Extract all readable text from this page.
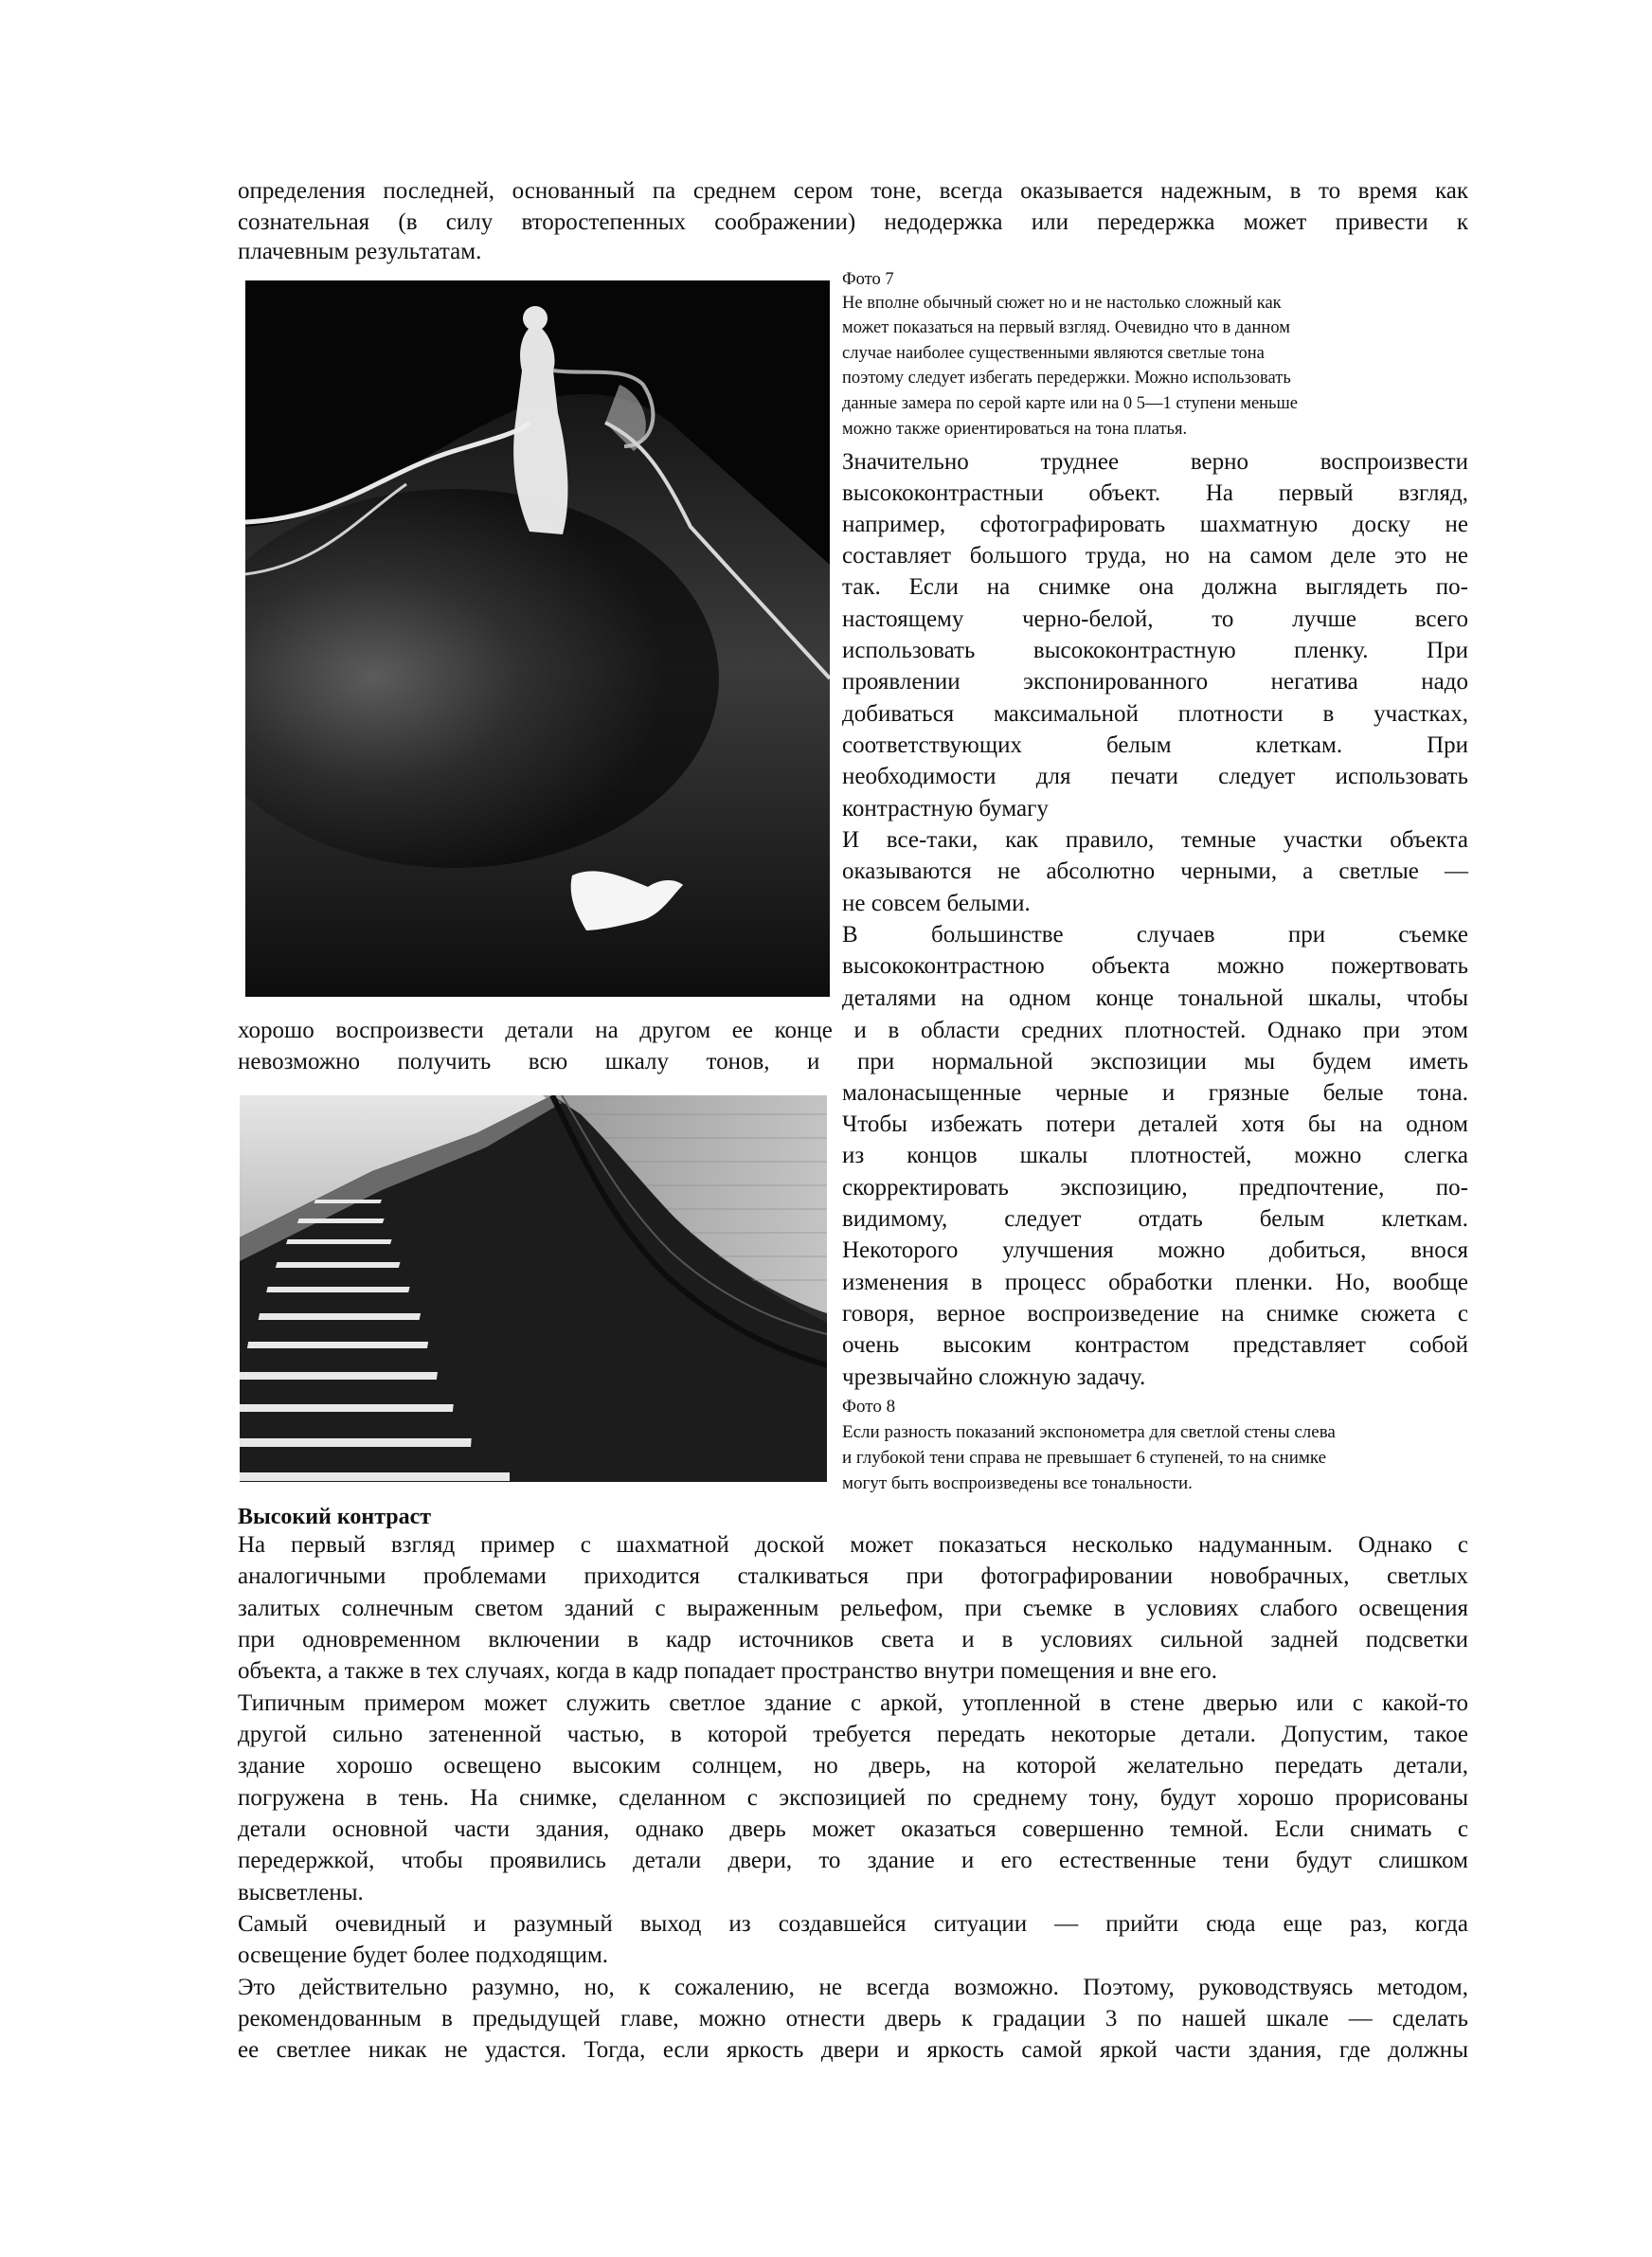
определения последней, основанный па среднем сером тоне, всегда оказывается надежным, в то время как
сознательная (в силу второстепенных соображении) недодержка или передержка может привести к
плачевным результатам.
Фото 7
Не вполне обычный сюжет но и не настолько сложный как
может показаться на первый взгляд. Очевидно что в данном
случае наиболее существенными являются светлые тона
поэтому следует избегать передержки. Можно использовать
данные замера по серой карте или на 0 5—1 ступени меньше
можно также ориентироваться на тона платья.
Значительно труднее верно воспроизвести
высококонтрастныи объект. На первый взгляд,
например, сфотографировать шахматную доску не
составляет большого труда, но на самом деле это не
так. Если на снимке она должна выглядеть по-
настоящему черно-белой, то лучше всего
использовать высококонтрастную пленку. При
проявлении экспонированного негатива надо
добиваться максимальной плотности в участках,
соответствующих белым клеткам. При
необходимости для печати следует использовать
контрастную бумагу
И все-таки, как правило, темные участки объекта
оказываются не абсолютно черными, а светлые —
не совсем белыми.
В большинстве случаев при съемке
высококонтрастною объекта можно пожертвовать
деталями на одном конце тональной шкалы, чтобы
хорошо воспроизвести детали на другом ее конце и в области средних плотностей. Однако при этом
невозможно получить всю шкалу тонов, и при нормальной экспозиции мы будем иметь
малонасыщенные черные и грязные белые тона.
Чтобы избежать потери деталей хотя бы на одном
из концов шкалы плотностей, можно слегка
скорректировать экспозицию, предпочтение, по-
видимому, следует отдать белым клеткам.
Некоторого улучшения можно добиться, внося
изменения в процесс обработки пленки. Но, вообще
говоря, верное воспроизведение на снимке сюжета с
очень высоким контрастом представляет собой
чрезвычайно сложную задачу.
Фото 8
Если разность показаний экспонометра для светлой стены слева
и глубокой тени справа не превышает 6 ступеней, то на снимке
могут быть воспроизведены все тональности.
Высокий контраст
На первый взгляд пример с шахматной доской может показаться несколько надуманным. Однако с
аналогичными проблемами приходится сталкиваться при фотографировании новобрачных, светлых
залитых солнечным светом зданий с выраженным рельефом, при съемке в условиях слабого освещения
при одновременном включении в кадр источников света и в условиях сильной задней подсветки
объекта, а также в тех случаях, когда в кадр попадает пространство внутри помещения и вне его.
Типичным примером может служить светлое здание с аркой, утопленной в стене дверью или с какой-то
другой сильно затененной частью, в которой требуется передать некоторые детали. Допустим, такое
здание хорошо освещено высоким солнцем, но дверь, на которой желательно передать детали,
погружена в тень. На снимке, сделанном с экспозицией по среднему тону, будут хорошо прорисованы
детали основной части здания, однако дверь может оказаться совершенно темной. Если снимать с
передержкой, чтобы проявились детали двери, то здание и его естественные тени будут слишком
высветлены.
Самый очевидный и разумный выход из создавшейся ситуации — прийти сюда еще раз, когда
освещение будет более подходящим.
Это действительно разумно, но, к сожалению, не всегда возможно. Поэтому, руководствуясь методом,
рекомендованным в предыдущей главе, можно отнести дверь к градации 3 по нашей шкале — сделать
ее светлее никак не удастся. Тогда, если яркость двери и яркость самой яркой части здания, где должны
